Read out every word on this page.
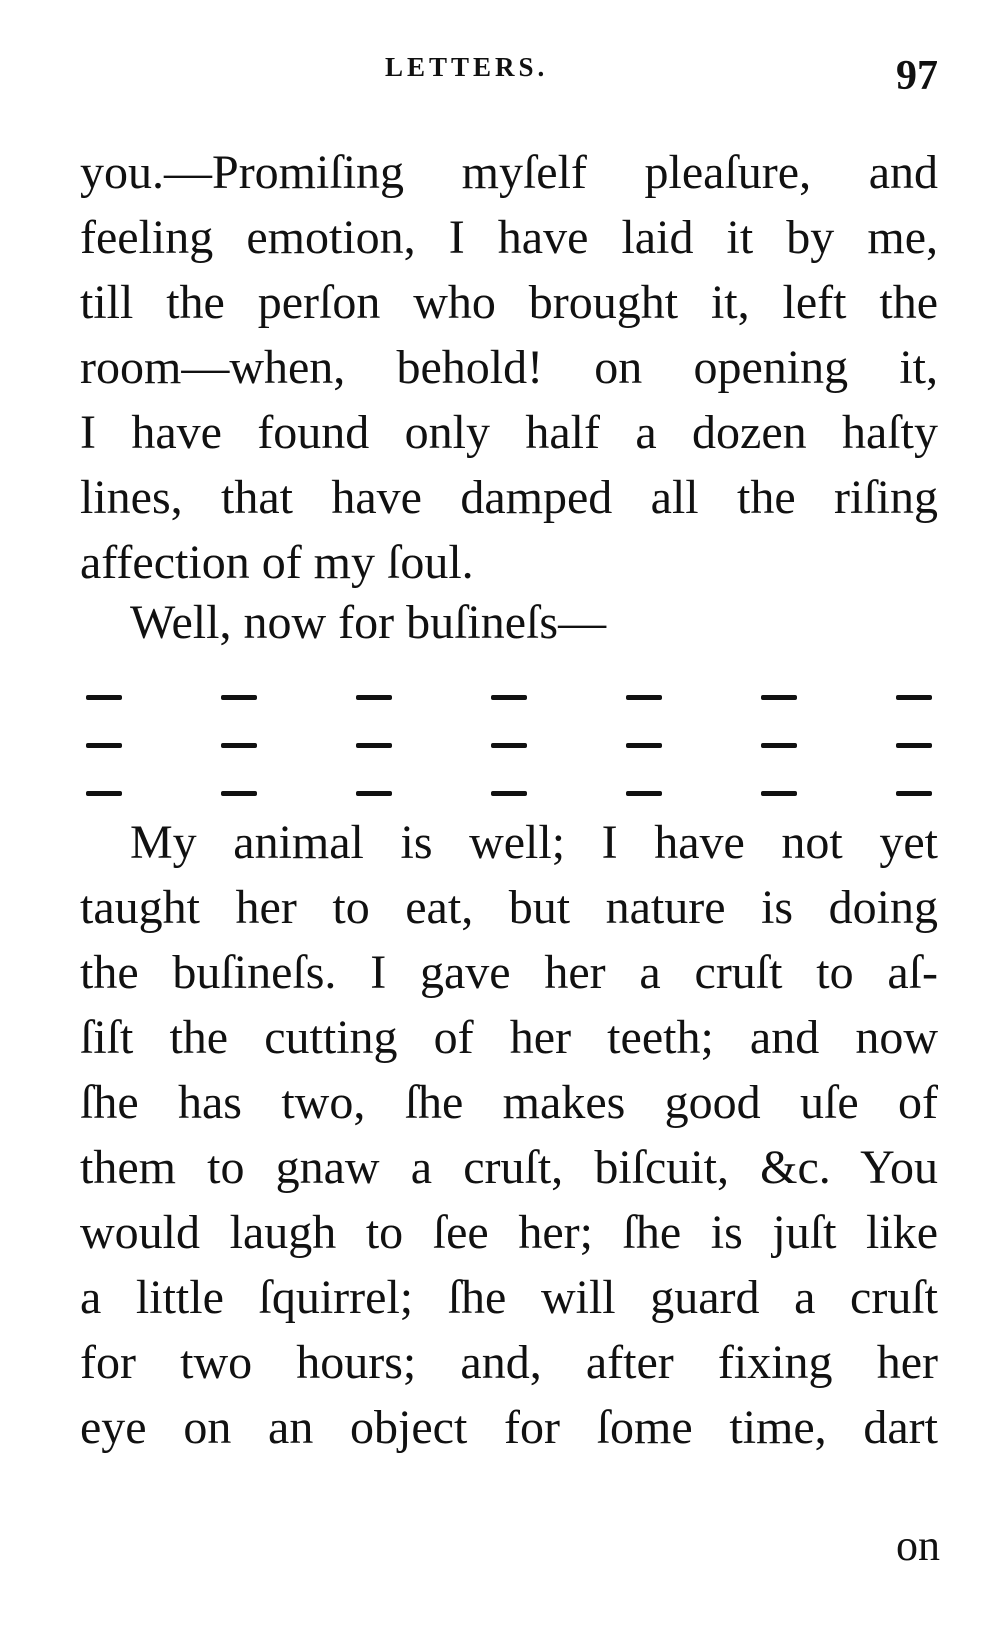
LETTERS.	97
you.—Promiſing myſelf pleaſure, and
feeling emotion, I have laid it by me,
till the perſon who brought it, left the
room—when, behold! on opening it,
I have found only half a dozen haſty
lines, that have damped all the riſing
affection of my ſoul.
Well, now for buſineſs—
My animal is well; I have not yet
taught her to eat, but nature is doing
the buſineſs. I gave her a cruſt to aſ-
ſiſt the cutting of her teeth; and now
ſhe has two, ſhe makes good uſe of
them to gnaw a cruſt, biſcuit, &c. You
would laugh to ſee her; ſhe is juſt like
a little ſquirrel; ſhe will guard a cruſt
for two hours; and, after fixing her
eye on an object for ſome time, dart
on
